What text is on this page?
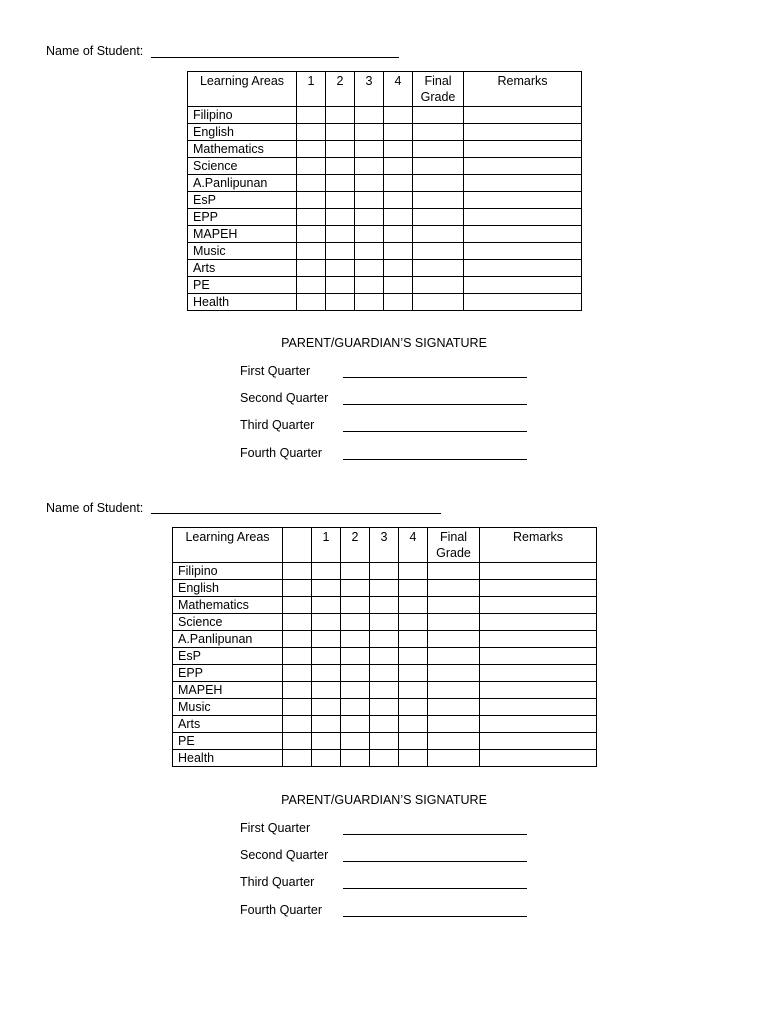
Name of Student:
Learning Areas	1	2	3	4	Final Grade	Remarks
Filipino						
English						
Mathematics						
Science						
A.Panlipunan						
EsP						
EPP						
MAPEH						
Music						
Arts						
PE						
Health						
PARENT/GUARDIAN’S SIGNATURE
First Quarter
Second Quarter
Third Quarter
Fourth Quarter
Name of Student:
Learning Areas		1	2	3	4	Final Grade	Remarks
Filipino							
English							
Mathematics							
Science							
A.Panlipunan							
EsP							
EPP							
MAPEH							
Music							
Arts							
PE							
Health							
PARENT/GUARDIAN’S SIGNATURE
First Quarter
Second Quarter
Third Quarter
Fourth Quarter
